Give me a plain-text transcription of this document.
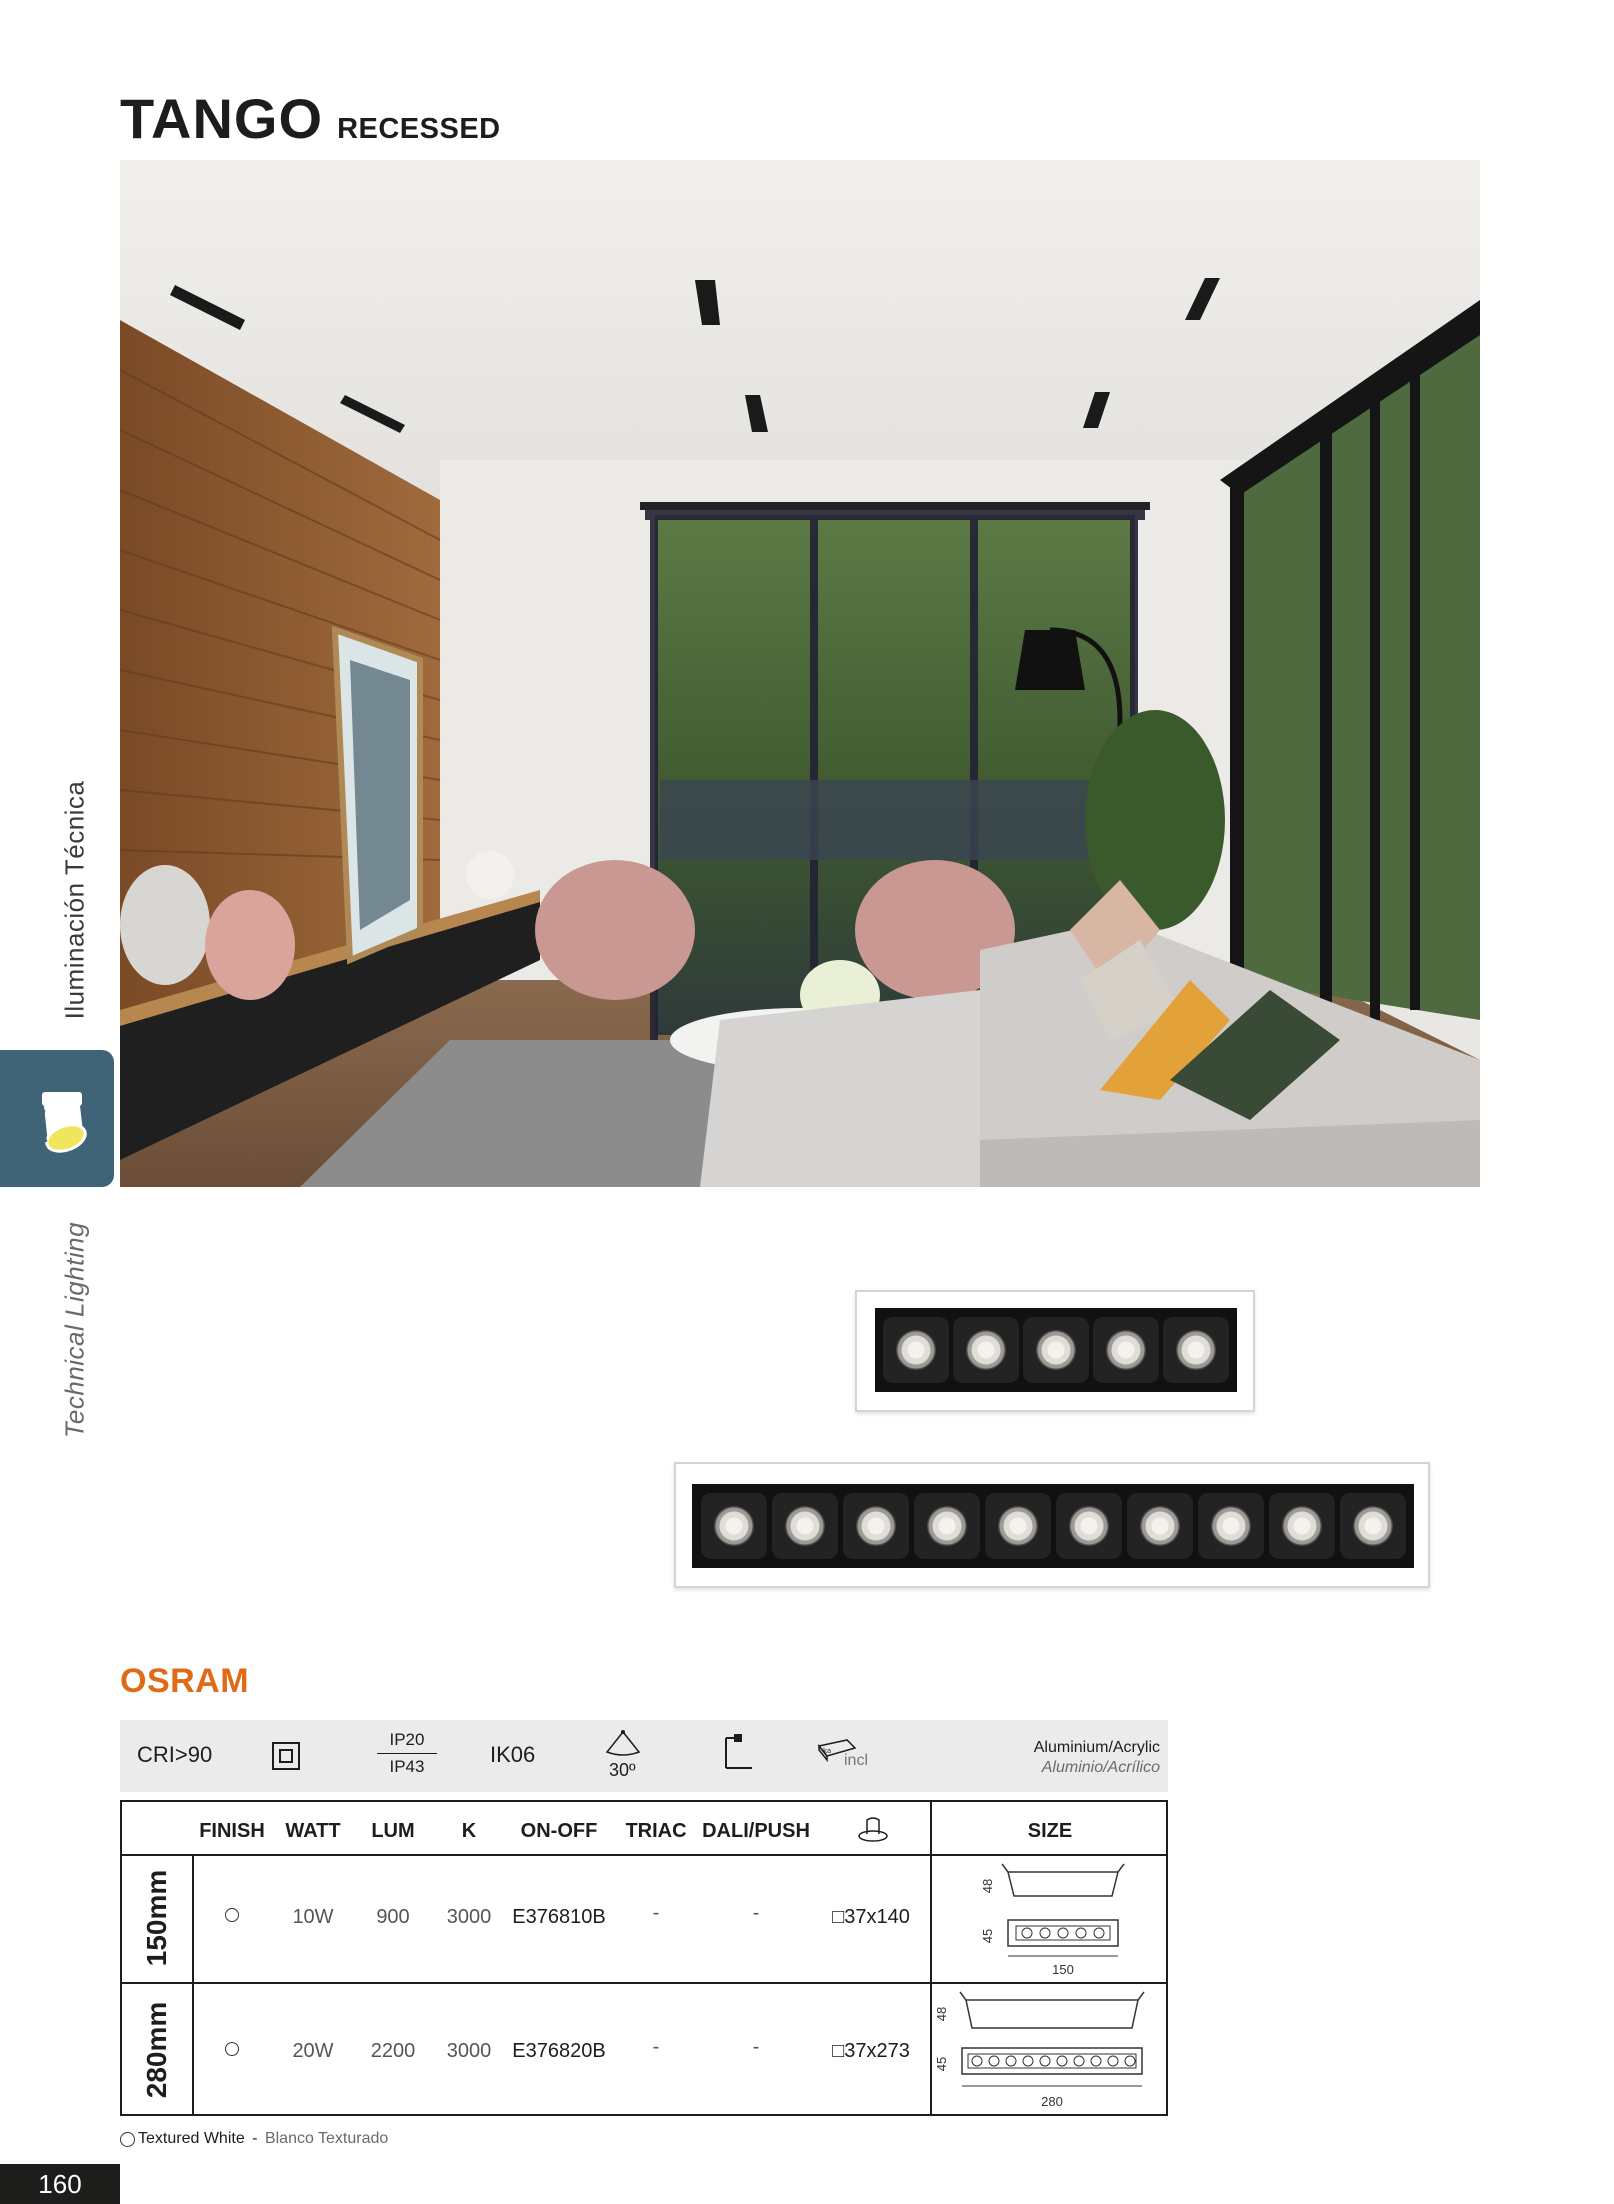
TANGO RECESSED
Iluminación Técnica
Technical Lighting
OSRAM
CRI>90
IP20
IP43	IK06
30º
ka
incl
Aluminium/Acrylic
Aluminio/Acrílico
FINISH WATT LUM K ON-OFF TRIAC DALI/PUSH	SIZE
150mm	10W 900 3000 E376810B -	-	□37x140
48
45
150
280mm	20W 2200 3000 E376820B -	-	□37x273
48
45
280
Textured White - Blanco Texturado
160
